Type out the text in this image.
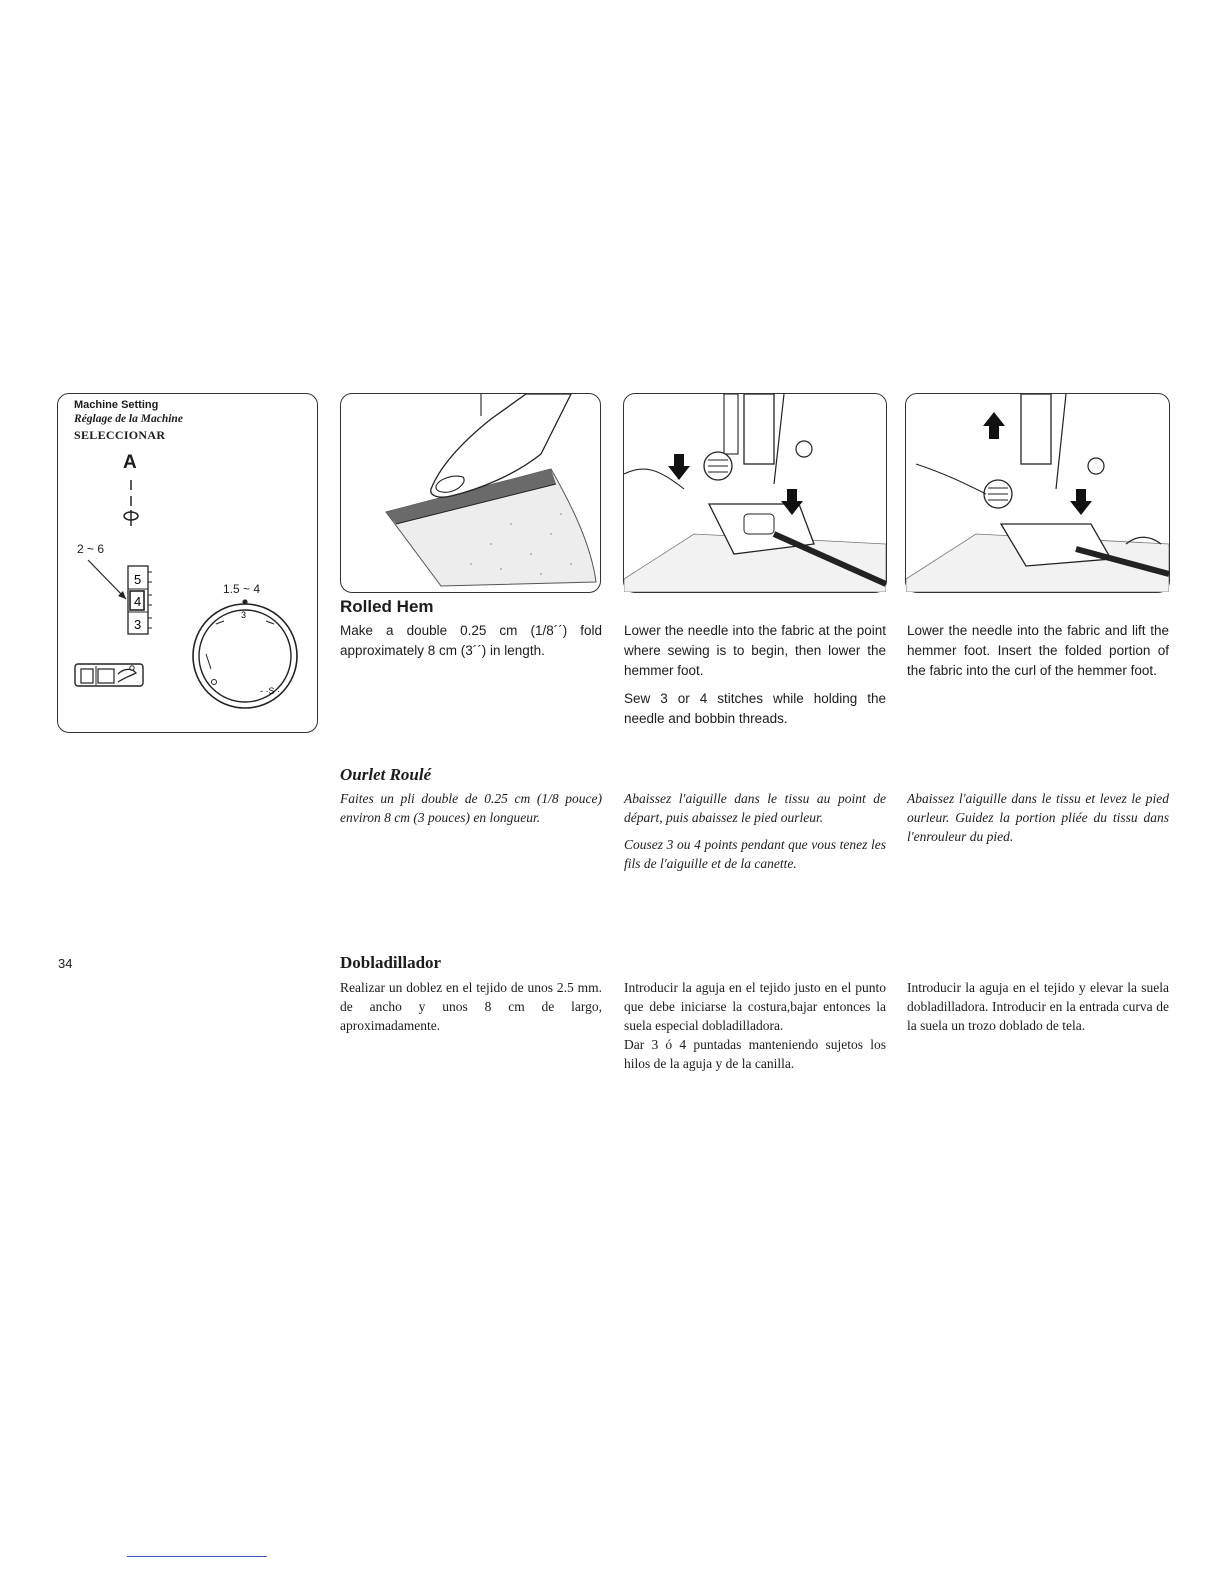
Machine Setting
Réglage de la Machine
SELECCIONAR
A
2 ~ 6
5
4
3
1.5 ~ 4
3
- ·S ·
Rolled Hem

Make a double 0.25 cm (1/8´´) fold approximately 8 cm (3´´) in length.

Lower the needle into the fabric at the point where sewing is to begin, then lower the hemmer foot.

Sew 3 or 4 stitches while holding the needle and bobbin threads.

Lower the needle into the fabric and lift the hemmer foot. Insert the folded portion of the fabric into the curl of the hemmer foot.

Ourlet Roulé

Faites un pli double de 0.25 cm (1/8 pouce) environ 8 cm (3 pouces) en longueur.

Abaissez l'aiguille dans le tissu au point de départ, puis abaissez le pied ourleur.

Cousez 3 ou 4 points pendant que vous tenez les fils de l'aiguille et de la canette.

Abaissez l'aiguille dans le tissu et levez le pied ourleur. Guidez la portion pliée du tissu dans l'enrouleur du pied.

Dobladillador

Realizar un doblez en el tejido de unos 2.5 mm. de ancho y unos 8 cm de largo, aproximadamente.

Introducir la aguja en el tejido justo en el punto que debe iniciarse la costura,bajar entonces la suela especial dobladilladora.

Dar 3 ó 4 puntadas manteniendo sujetos los hilos de la aguja y de la canilla.

Introducir la aguja en el tejido y elevar la suela dobladilladora. Introducir en la entrada curva de la suela un trozo doblado de tela.

34
